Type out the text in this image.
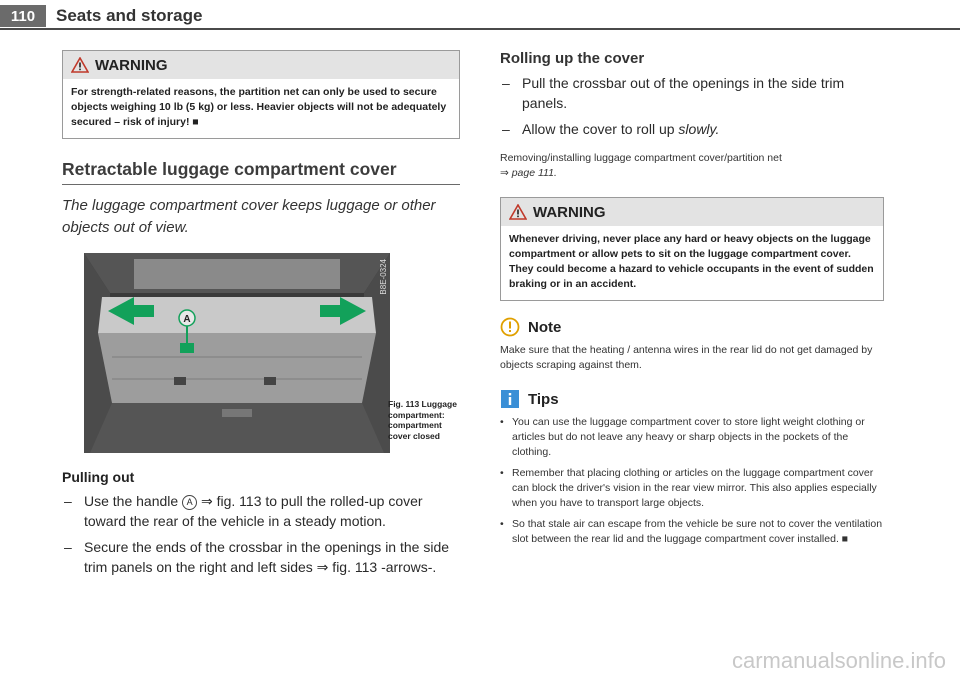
110	Seats and storage
WARNING
For strength-related reasons, the partition net can only be used to secure objects weighing 10 lb (5 kg) or less. Heavier objects will not be adequately secured – risk of injury! ■
Retractable luggage compartment cover
The luggage compartment cover keeps luggage or other objects out of view.
A
B8E-0324
Fig. 113 Luggage compartment: compartment cover closed
Pulling out
– Use the handle A ⇒ fig. 113 to pull the rolled-up cover toward the rear of the vehicle in a steady motion.
– Secure the ends of the crossbar in the openings in the side trim panels on the right and left sides ⇒ fig. 113 -arrows-.
Rolling up the cover
– Pull the crossbar out of the openings in the side trim panels.
– Allow the cover to roll up slowly.
Removing/installing luggage compartment cover/partition net
⇒ page 111.
WARNING
Whenever driving, never place any hard or heavy objects on the luggage compartment or allow pets to sit on the luggage compartment cover. They could become a hazard to vehicle occupants in the event of sudden braking or in an accident.
Note
Make sure that the heating / antenna wires in the rear lid do not get damaged by objects scraping against them.
Tips
• You can use the luggage compartment cover to store light weight clothing or articles but do not leave any heavy or sharp objects in the pockets of the clothing.
• Remember that placing clothing or articles on the luggage compartment cover can block the driver's vision in the rear view mirror. This also applies especially when you have to transport large objects.
• So that stale air can escape from the vehicle be sure not to cover the ventilation slot between the rear lid and the luggage compartment cover installed. ■
carmanualsonline.info
